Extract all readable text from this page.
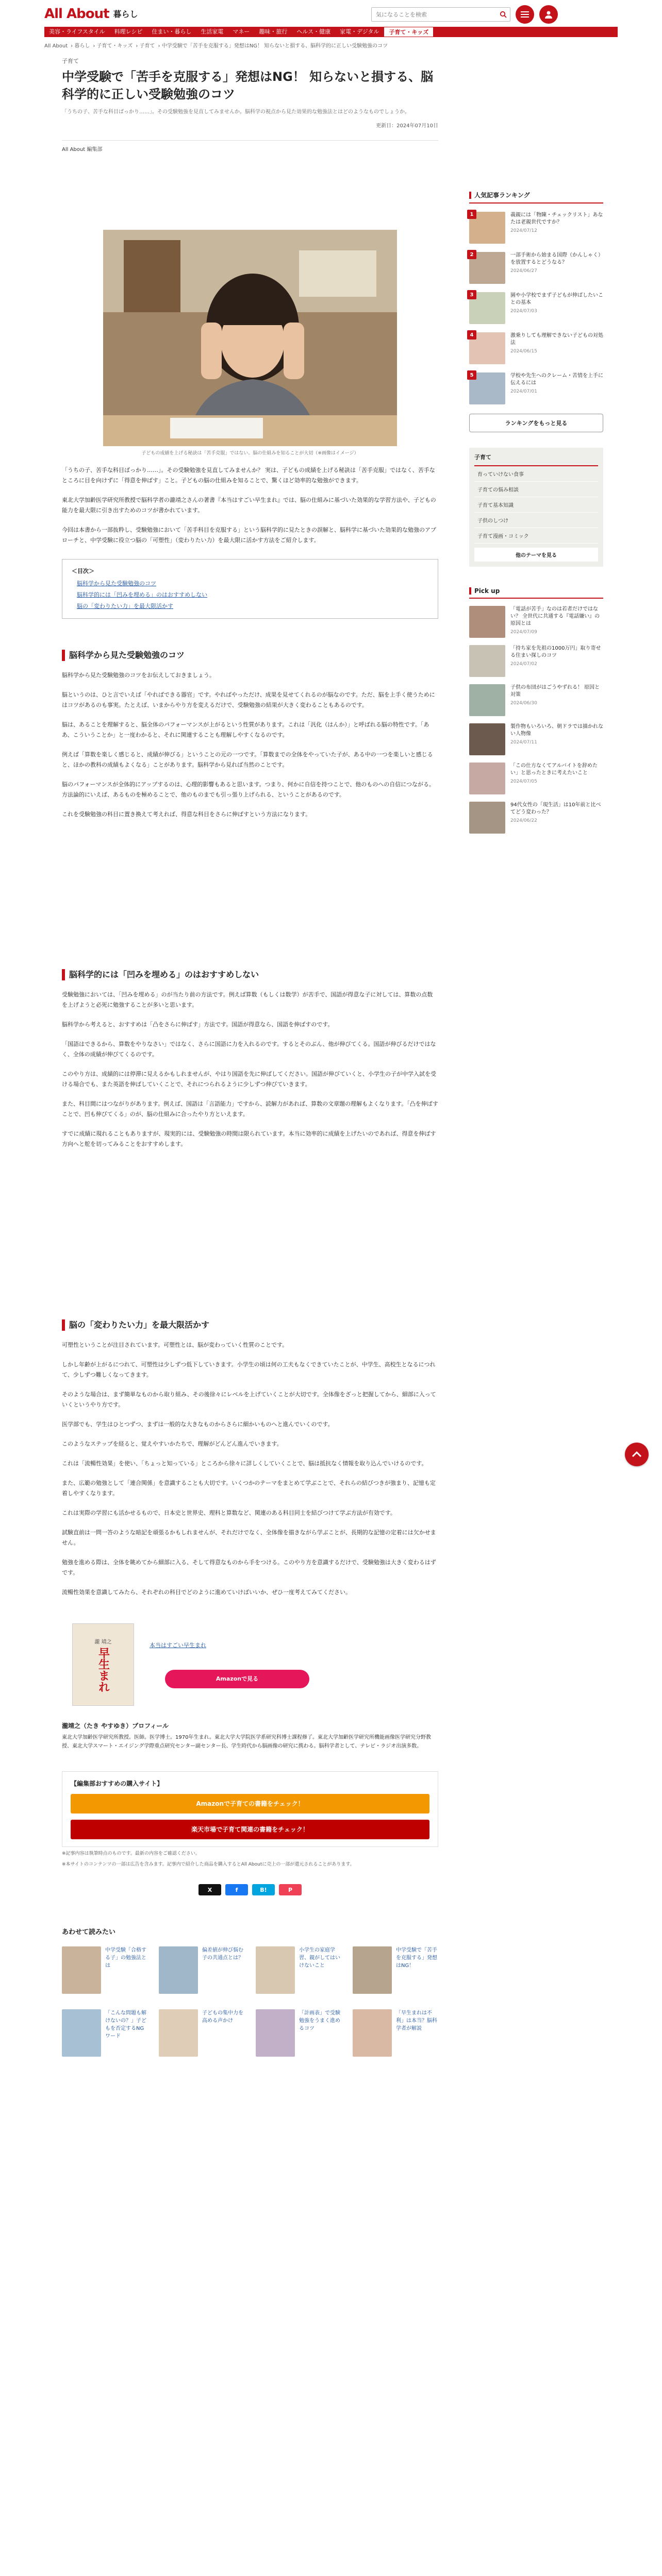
All About 暮らし
気になることを検索
美容・ライフスタイル	料理レシピ	住まい・暮らし	生活家電	マネー	趣味・旅行	ヘルス・健康	家電・デジタル	子育て・キッズ
All About › 暮らし › 子育て・キッズ › 子育て › 中学受験で「苦手を克服する」発想はNG！ 知らないと損する、脳科学的に正しい受験勉強のコツ
子育て
中学受験で「苦手を克服する」発想はNG！ 知らないと損する、脳科学的に正しい受験勉強のコツ
「うちの子、苦手な科目ばっかり……」。その受験勉強を見直してみませんか。脳科学の視点から見た効果的な勉強法とはどのようなものでしょうか。
更新日：2024年07月10日
All About 編集部
子どもの成績を上げる秘訣は「苦手克服」ではない。脳の仕組みを知ることが大切（※画像はイメージ）

「うちの子、苦手な科目ばっかり……」。その受験勉強を見直してみませんか？ 実は、子どもの成績を上げる秘訣は「苦手克服」ではなく、苦手なところに目を向けずに「得意を伸ばす」こと。子どもの脳の仕組みを知ることで、驚くほど効率的な勉強ができます。

東北大学加齢医学研究所教授で脳科学者の瀧靖之さんの著書『本当はすごい早生まれ』では、脳の仕組みに基づいた効果的な学習方法や、子どもの能力を最大限に引き出すためのコツが書かれています。

今回は本書から一部抜粋し、受験勉強において「苦手科目を克服する」という脳科学的に見たときの誤解と、脳科学に基づいた効果的な勉強のアプローチと、中学受験に役立つ脳の「可塑性」（変わりたい力）を最大限に活かす方法をご紹介します。

＜目次＞
脳科学から見た受験勉強のコツ
脳科学的には「凹みを埋める」のはおすすめしない
脳の「変わりたい力」を最大限活かす
脳科学から見た受験勉強のコツ

脳科学から見た受験勉強のコツをお伝えしておきましょう。

脳というのは、ひと言でいえば「やればできる器官」です。やればやっただけ、成果を見せてくれるのが脳なのです。ただ、脳を上手く使うためにはコツがあるのも事実。たとえば、いまからやり方を変えるだけで、受験勉強の結果が大きく変わることもあるのです。

脳は、あることを理解すると、脳全体のパフォーマンスが上がるという性質があります。これは「汎化（はんか）」と呼ばれる脳の特性です。「ああ、こういうことか」と一度わかると、それに関連することも理解しやすくなるのです。

例えば「算数を楽しく感じると、成績が伸びる」ということの元の一つです。「算数までの全体をやっていた子が、ある中の一つを楽しいと感じると、ほかの教科の成績もよくなる」ことがあります。脳科学から見れば当然のことです。

脳のパフォーマンスが全体的にアップするのは、心理的影響もあると思います。つまり、何かに自信を持つことで、他のものへの自信につながる。方法論的にいえば、あるものを極めることで、他のものまでも引っ張り上げられる、ということがあるのです。

これを受験勉強の科目に置き換えて考えれば、得意な科目をさらに伸ばすという方法になります。

脳科学的には「凹みを埋める」のはおすすめしない

受験勉強においては、「凹みを埋める」のが当たり前の方法です。例えば算数（もしくは数学）が苦手で、国語が得意な子に対しては、算数の点数を上げようと必死に勉強することが多いと思います。

脳科学から考えると、おすすめは「凸をさらに伸ばす」方法です。国語が得意なら、国語を伸ばすのです。

「国語はできるから、算数をやりなさい」ではなく、さらに国語に力を入れるのです。するとそのぶん、他が伸びてくる。国語が伸びるだけではなく、全体の成績が伸びてくるのです。

このやり方は、成績的には停滞に見えるかもしれませんが、やはり国語を先に伸ばしてください。国語が伸びていくと、小学生の子が中学入試を受ける場合でも、また英語を伸ばしていくことで、それにつられるように少しずつ伸びていきます。

また、科目間にはつながりがあります。例えば、国語は「言語能力」ですから、読解力があれば、算数の文章題の理解もよくなります。「凸を伸ばすことで、凹も伸びてくる」のが、脳の仕組みに合ったやり方といえます。

すでに成績に現れることもありますが、現実的には、受験勉強の時間は限られています。本当に効率的に成績を上げたいのであれば、得意を伸ばす方向へと舵を切ってみることをおすすめします。

脳の「変わりたい力」を最大限活かす

可塑性ということが注目されています。可塑性とは、脳が変わっていく性質のことです。

しかし年齢が上がるにつれて、可塑性は少しずつ低下していきます。小学生の頃は何の工夫もなくできていたことが、中学生、高校生となるにつれて、少しずつ難しくなってきます。

そのような場合は、まず簡単なものから取り組み、その後徐々にレベルを上げていくことが大切です。全体像をざっと把握してから、細部に入っていくというやり方です。

医学部でも、学生はひとつずつ、まずは一般的な大きなものからさらに細かいものへと進んでいくのです。

このようなステップを経ると、覚えやすいかたちで、理解がどんどん進んでいきます。

これは「流暢性効果」を使い、「ちょっと知っている」ところから徐々に詳しくしていくことで、脳は抵抗なく情報を取り込んでいけるのです。

また、広範の勉強として「連合関係」を意識することも大切です。いくつかのテーマをまとめて学ぶことで、それらの結びつきが強まり、記憶も定着しやすくなります。

これは実際の学習にも活かせるもので、日本史と世界史、理科と算数など、関連のある科目同士を結びつけて学ぶ方法が有効です。

試験直前は一問一答のような暗記を頑張るかもしれませんが、それだけでなく、全体像を描きながら学ぶことが、長期的な記憶の定着には欠かせません。

勉強を進める際は、全体を眺めてから細部に入る、そして得意なものから手をつける。このやり方を意識するだけで、受験勉強は大きく変わるはずです。

流暢性効果を意識してみたら、それぞれの科目でどのように進めていけばいいか、ぜひ一度考えてみてください。

瀧 靖之
早生まれ
本当はすごい早生まれ
Amazonで見る
瀧靖之（たき やすゆき）プロフィール

東北大学加齢医学研究所教授。医師。医学博士。1970年生まれ。東北大学大学院医学系研究科博士課程修了。東北大学加齢医学研究所機能画像医学研究分野教授、東北大学スマート・エイジング学際重点研究センター副センター長、学生時代から脳画像の研究に携わる。脳科学者として、テレビ・ラジオ出演多数。

【編集部おすすめの購入サイト】
Amazonで子育ての書籍をチェック！
楽天市場で子育て関連の書籍をチェック！

※記事内容は執筆時点のものです。最新の内容をご確認ください。

※本サイトのコンテンツの一部は広告を含みます。記事内で紹介した商品を購入するとAll Aboutに売上の一部が還元されることがあります。

X	f	B!	P
あわせて読みたい
中学受験「合格する子」の勉強法とは
偏差値が伸び悩む子の共通点とは？
小学生の家庭学習、親がしてはいけないこと
中学受験で「苦手を克服する」発想はNG！
「こんな問題も解けないの？」子どもを否定するNGワード
子どもの集中力を高める声かけ
「計画表」で受験勉強をうまく進めるコツ
「早生まれは不利」は本当？脳科学者が解説
人気記事ランキング
1	義親には「物陳・チェックリスト」あなたは老親世代ですか？
2024/07/12
2	一部手術から始まる国際（かんしゃく）を放置するとどうなる？
2024/06/27
3	園や小学校でまず子どもが伸ばしたいことの基本
2024/07/03
4	激乗りしても理解できない子どもの対処法
2024/06/15
5	学校や先生へのクレーム・苦情を上手に伝えるには
2024/07/01
ランキングをもっと見る
子育て
育っていけない食事
子育ての悩み相談
子育て基本知識
子供のしつけ
子育て漫画・コミック
他のテーマを見る
Pick up
「電話が苦手」なのは若者だけではない？ 全世代に共通する『電話嫌い』の原因とは
2024/07/09
「持ち家を先祖の1000万円」取り寄せる住まい探しのコツ
2024/07/02
子供の布団がはごうやずれる！ 原因と対策
2024/06/30
製作物もいろいろ、朝ドラでは描かれない人物像
2024/07/11
「この仕方なくてアルバイトを辞めたい」と思ったときに考えたいこと
2024/07/05
94代女性の「現生活」は10年前と比べてどう変わった？
2024/06/22
